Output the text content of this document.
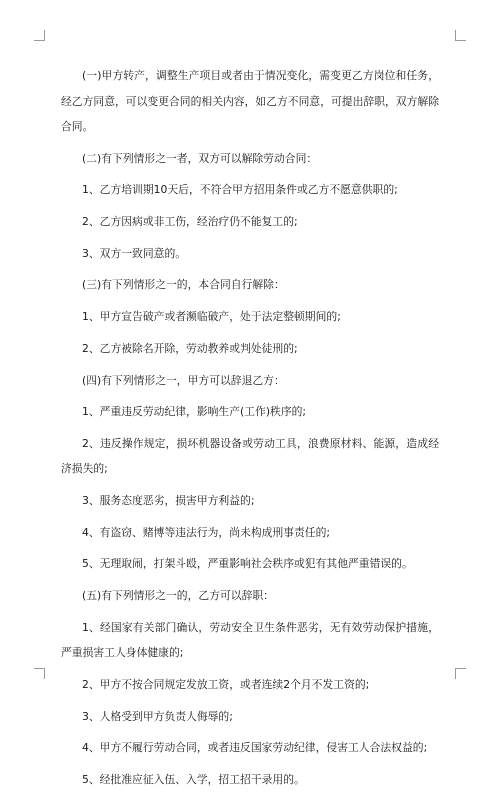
(一)甲方转产，调整生产项目或者由于情况变化，需变更乙方岗位和任务，经乙方同意，可以变更合同的相关内容，如乙方不同意，可提出辞职，双方解除合同。

(二)有下列情形之一者，双方可以解除劳动合同：

1、乙方培训期10天后，不符合甲方招用条件或乙方不愿意供职的;

2、乙方因病或非工伤，经治疗仍不能复工的;

3、双方一致同意的。

(三)有下列情形之一的，本合同自行解除：

1、甲方宣告破产或者濒临破产，处于法定整顿期间的;

2、乙方被除名开除，劳动教养或判处徒刑的;

(四)有下列情形之一，甲方可以辞退乙方：

1、严重违反劳动纪律，影响生产(工作)秩序的;

2、违反操作规定，损坏机器设备或劳动工具，浪费原材料、能源，造成经济损失的;

3、服务态度恶劣，损害甲方利益的;

4、有盗窃、赌博等违法行为，尚未构成刑事责任的;

5、无理取闹，打架斗殴，严重影响社会秩序或犯有其他严重错误的。

(五)有下列情形之一的，乙方可以辞职：

1、经国家有关部门确认，劳动安全卫生条件恶劣，无有效劳动保护措施，严重损害工人身体健康的;

2、甲方不按合同规定发放工资，或者连续2个月不发工资的;

3、人格受到甲方负责人侮辱的;

4、甲方不履行劳动合同，或者违反国家劳动纪律，侵害工人合法权益的;

5、经批准应征入伍、入学，招工招干录用的。
